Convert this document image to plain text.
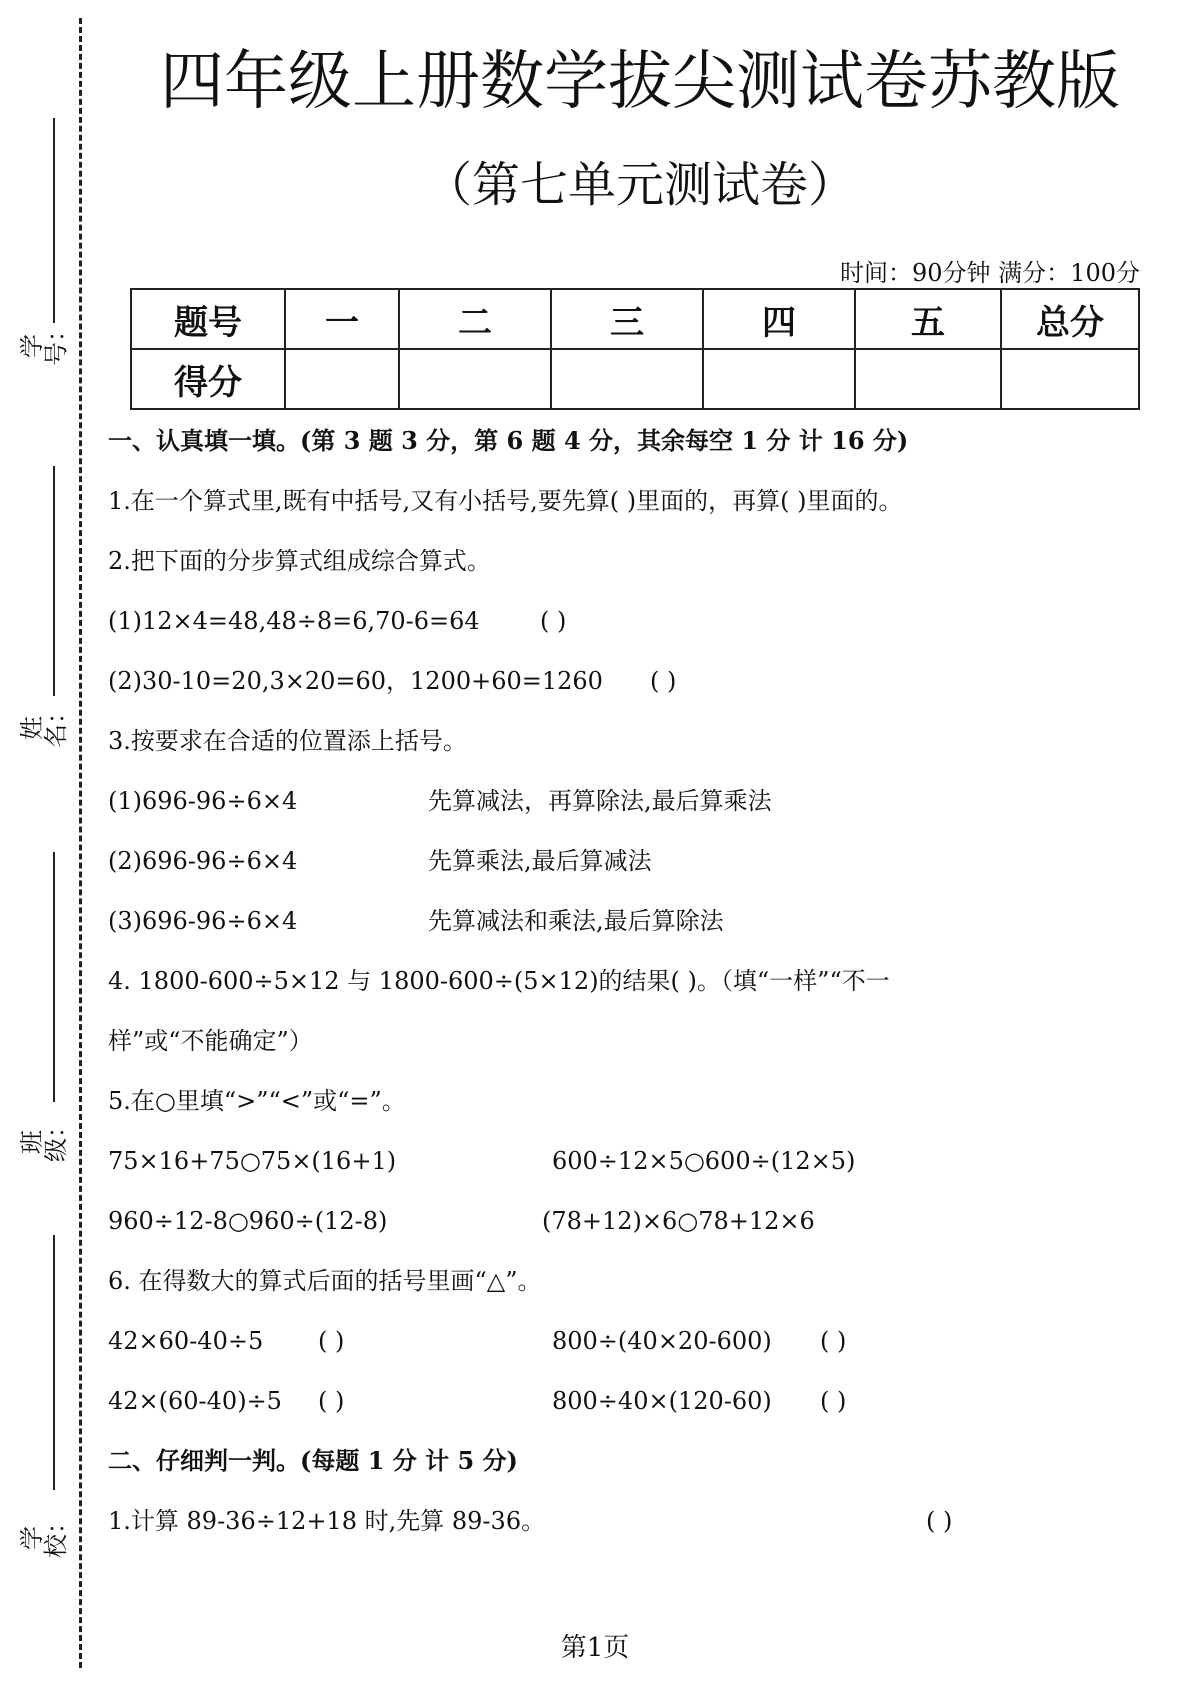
学号：
姓名：
班级：
学校：
四年级上册数学拔尖测试卷苏教版
（第七单元测试卷）
时间：90分钟 满分：100分
题号	一	二	三	四	五	总分
得分						
一、认真填一填。(第 3 题 3 分，第 6 题 4 分，其余每空 1 分 计 16 分)
1.在一个算式里,既有中括号,又有小括号,要先算( )里面的，再算( )里面的。
2.把下面的分步算式组成综合算式。
(1)12×4=48,48÷8=6,70-6=64	( )
(2)30-10=20,3×20=60，1200+60=1260 ( )
3.按要求在合适的位置添上括号。
(1)696-96÷6×4	先算减法，再算除法,最后算乘法
(2)696-96÷6×4	先算乘法,最后算减法
(3)696-96÷6×4	先算减法和乘法,最后算除法
4. 1800-600÷5×12 与 1800-600÷(5×12)的结果( )。（填“一样”“不一
样”或“不能确定”）
5.在○里填“>”“<”或“=”。
75×16+75○75×(16+1)	600÷12×5○600÷(12×5)
960÷12-8○960÷(12-8)	(78+12)×6○78+12×6
6. 在得数大的算式后面的括号里画“△”。
42×60-40÷5 ( )	800÷(40×20-600) ( )
42×(60-40)÷5 ( )	800÷40×(120-60) ( )
二、仔细判一判。(每题 1 分 计 5 分)
1.计算 89-36÷12+18 时,先算 89-36。	( )
第1页
